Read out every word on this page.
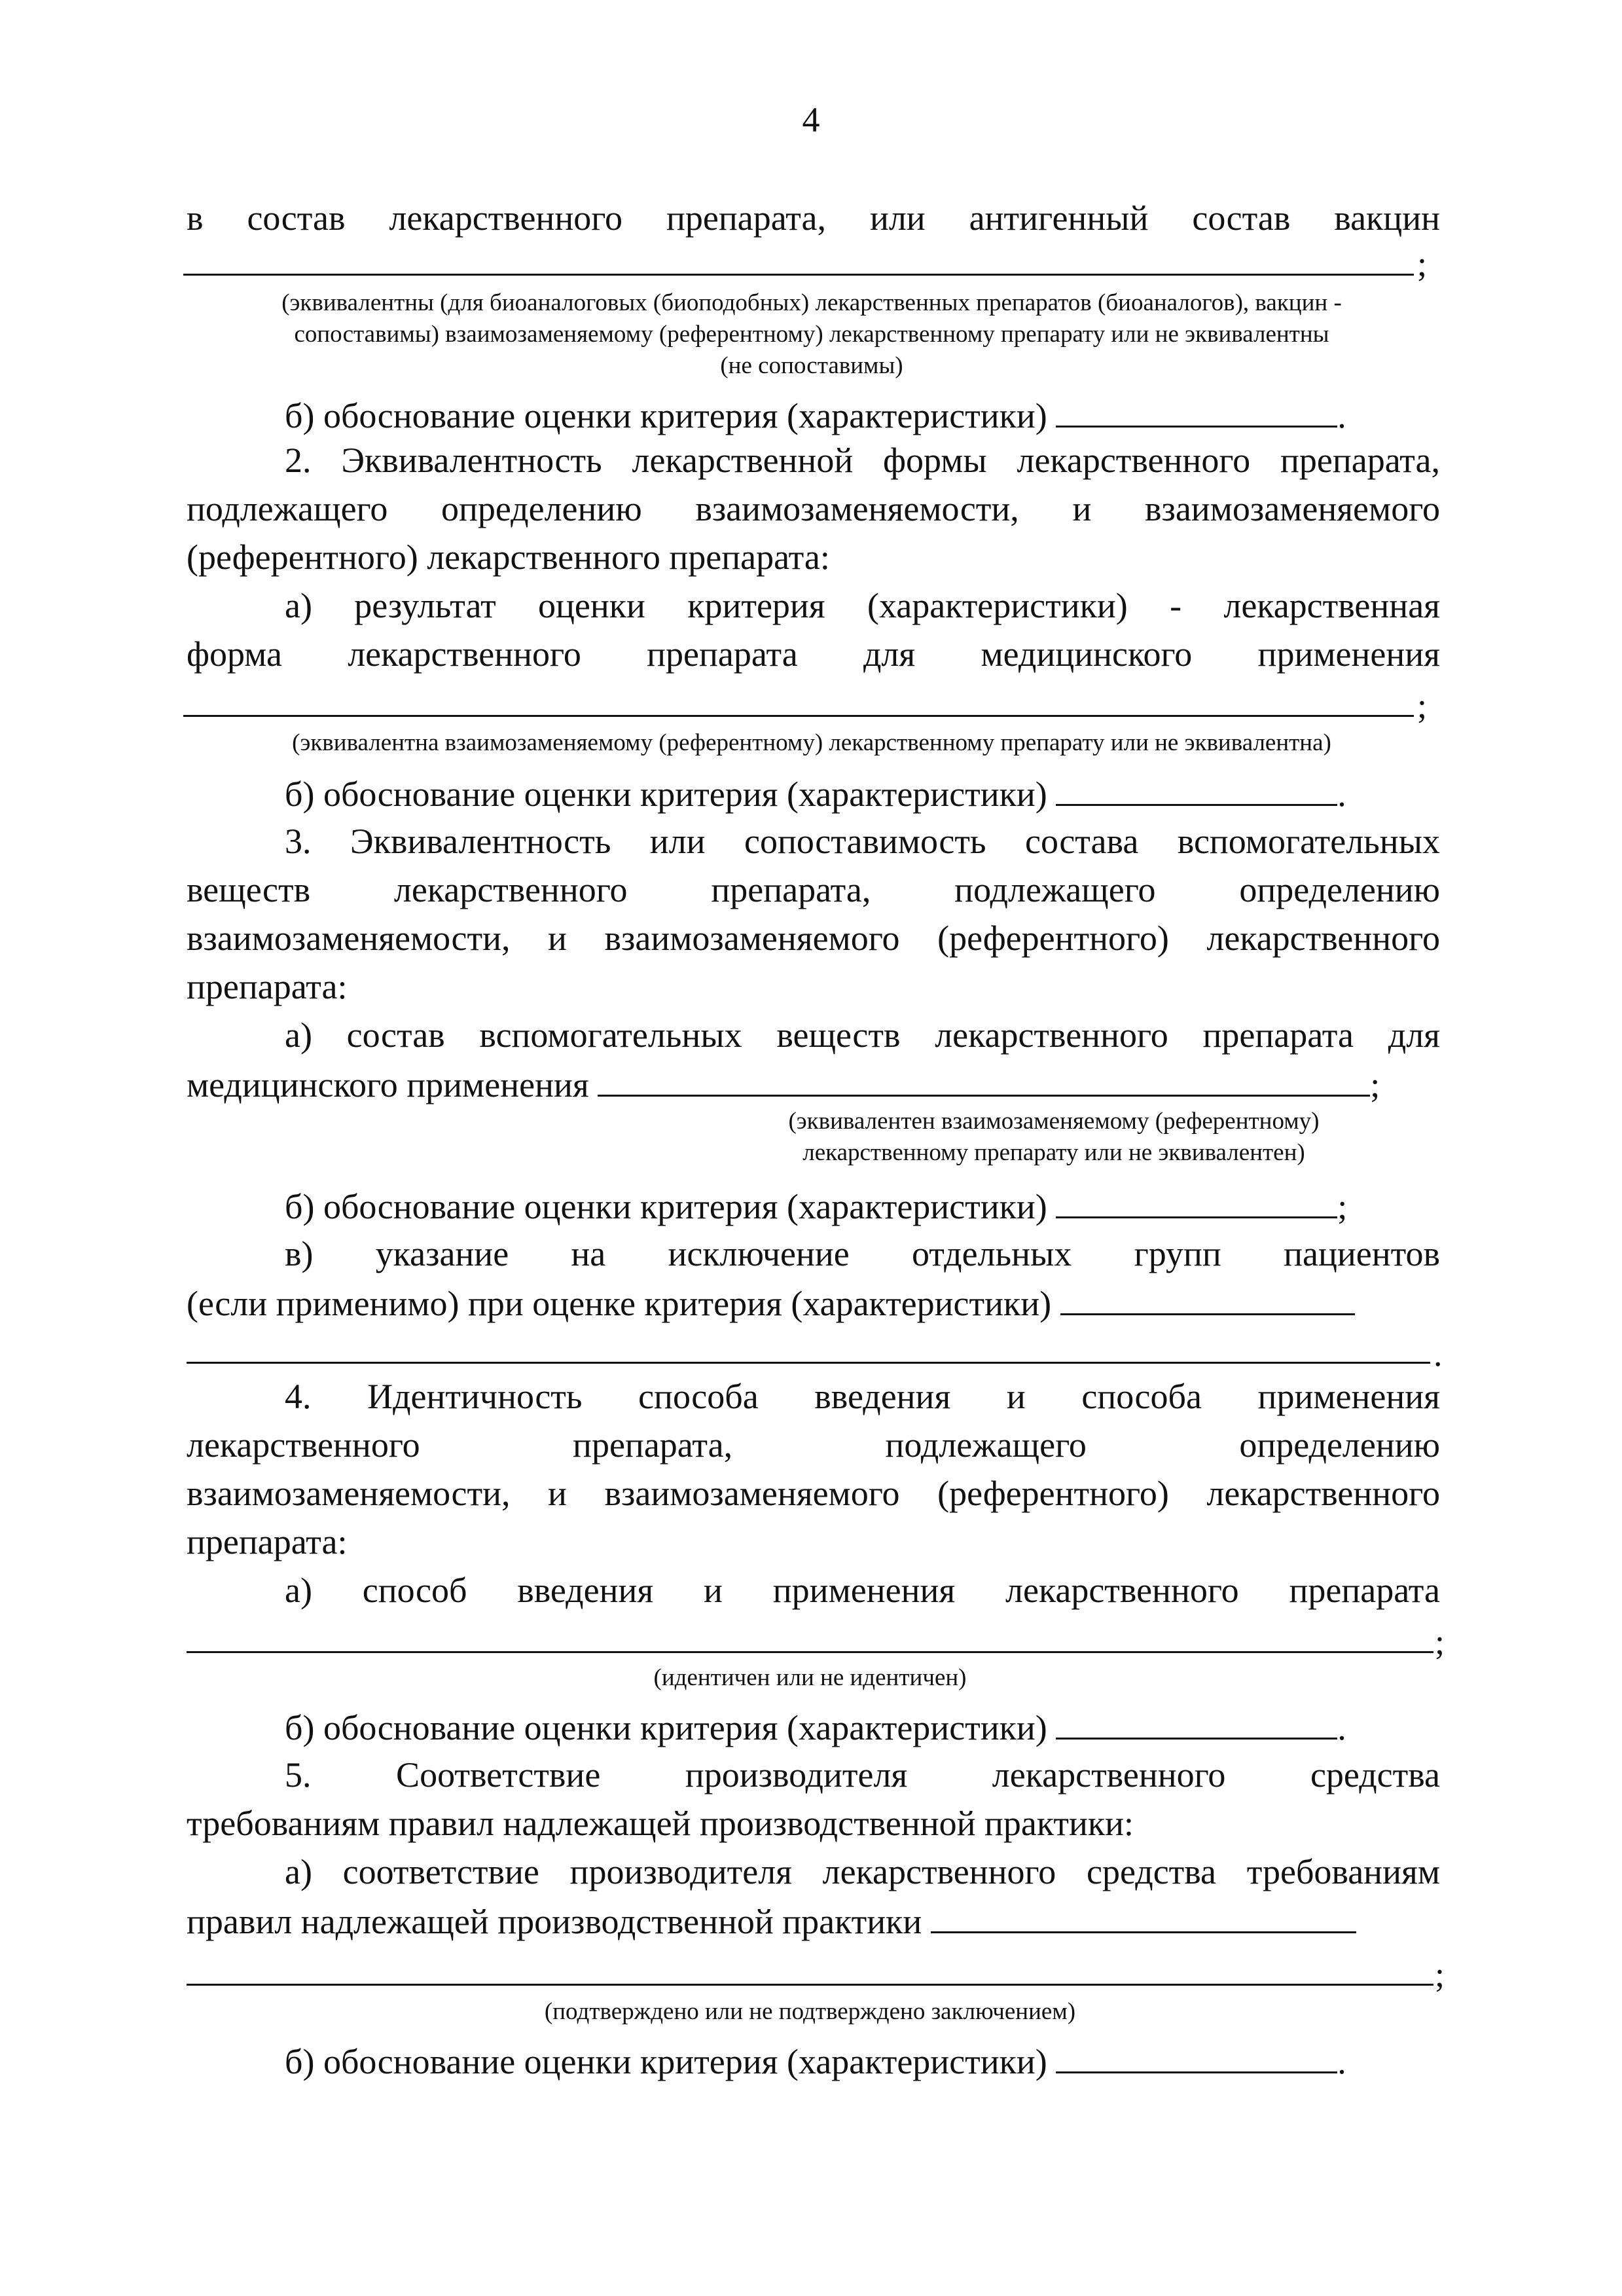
4
в состав лекарственного препарата, или антигенный состав вакцин
;
(эквивалентны (для биоаналоговых (биоподобных) лекарственных препаратов (биоаналогов), вакцин -
сопоставимы) взаимозаменяемому (референтному) лекарственному препарату или не эквивалентны
(не сопоставимы)
б) обоснование оценки критерия (характеристики)	.
2. Эквивалентность лекарственной формы лекарственного препарата,
подлежащего определению взаимозаменяемости, и взаимозаменяемого
(референтного) лекарственного препарата:
а) результат оценки критерия (характеристики) - лекарственная
форма лекарственного препарата для медицинского применения
;
(эквивалентна взаимозаменяемому (референтному) лекарственному препарату или не эквивалентна)
б) обоснование оценки критерия (характеристики)	.
3. Эквивалентность или сопоставимость состава вспомогательных
веществ лекарственного препарата, подлежащего определению
взаимозаменяемости, и взаимозаменяемого (референтного) лекарственного
препарата:
а) состав вспомогательных веществ лекарственного препарата для
медицинского применения	;
(эквивалентен взаимозаменяемому (референтному)
лекарственному препарату или не эквивалентен)
б) обоснование оценки критерия (характеристики)	;
в) указание на исключение отдельных групп пациентов
(если применимо) при оценке критерия (характеристики)
.
4. Идентичность способа введения и способа применения
лекарственного препарата, подлежащего определению
взаимозаменяемости, и взаимозаменяемого (референтного) лекарственного
препарата:
а) способ введения и применения лекарственного препарата
;
(идентичен или не идентичен)
б) обоснование оценки критерия (характеристики)	.
5. Соответствие производителя лекарственного средства
требованиям правил надлежащей производственной практики:
а) соответствие производителя лекарственного средства требованиям
правил надлежащей производственной практики
;
(подтверждено или не подтверждено заключением)
б) обоснование оценки критерия (характеристики)	.
